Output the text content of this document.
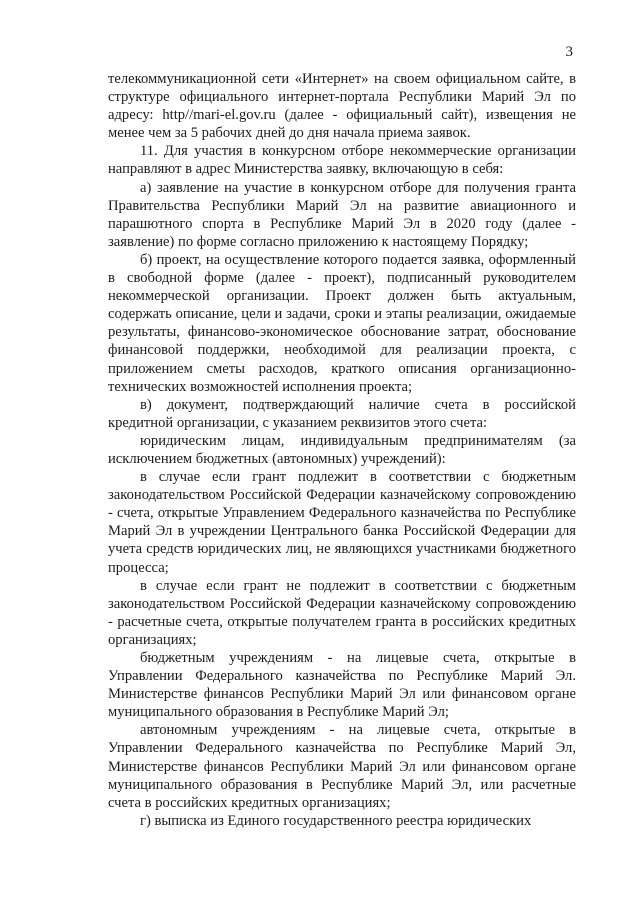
3

телекоммуникационной сети «Интернет» на своем официальном сайте, в структуре официального интернет-портала Республики Марий Эл по адресу: http//mari-el.gov.ru (далее - официальный сайт), извещения не менее чем за 5 рабочих дней до дня начала приема заявок.

11. Для участия в конкурсном отборе некоммерческие организации направляют в адрес Министерства заявку, включающую в себя:

а) заявление на участие в конкурсном отборе для получения гранта Правительства Республики Марий Эл на развитие авиационного и парашютного спорта в Республике Марий Эл в 2020 году (далее - заявление) по форме согласно приложению к настоящему Порядку;

б) проект, на осуществление которого подается заявка, оформленный в свободной форме (далее - проект), подписанный руководителем некоммерческой организации. Проект должен быть актуальным, содержать описание, цели и задачи, сроки и этапы реализации, ожидаемые результаты, финансово-экономическое обоснование затрат, обоснование финансовой поддержки, необходимой для реализации проекта, с приложением сметы расходов, краткого описания организационно-технических возможностей исполнения проекта;

в) документ, подтверждающий наличие счета в российской кредитной организации, с указанием реквизитов этого счета:

юридическим лицам, индивидуальным предпринимателям (за исключением бюджетных (автономных) учреждений):

в случае если грант подлежит в соответствии с бюджетным законодательством Российской Федерации казначейскому сопровождению - счета, открытые Управлением Федерального казначейства по Республике Марий Эл в учреждении Центрального банка Российской Федерации для учета средств юридических лиц, не являющихся участниками бюджетного процесса;

в случае если грант не подлежит в соответствии с бюджетным законодательством Российской Федерации казначейскому сопровождению - расчетные счета, открытые получателем гранта в российских кредитных организациях;

бюджетным учреждениям - на лицевые счета, открытые в Управлении Федерального казначейства по Республике Марий Эл. Министерстве финансов Республики Марий Эл или финансовом органе муниципального образования в Республике Марий Эл;

автономным учреждениям - на лицевые счета, открытые в Управлении Федерального казначейства по Республике Марий Эл, Министерстве финансов Республики Марий Эл или финансовом органе муниципального образования в Республике Марий Эл, или расчетные счета в российских кредитных организациях;

г) выписка из Единого государственного реестра юридических
